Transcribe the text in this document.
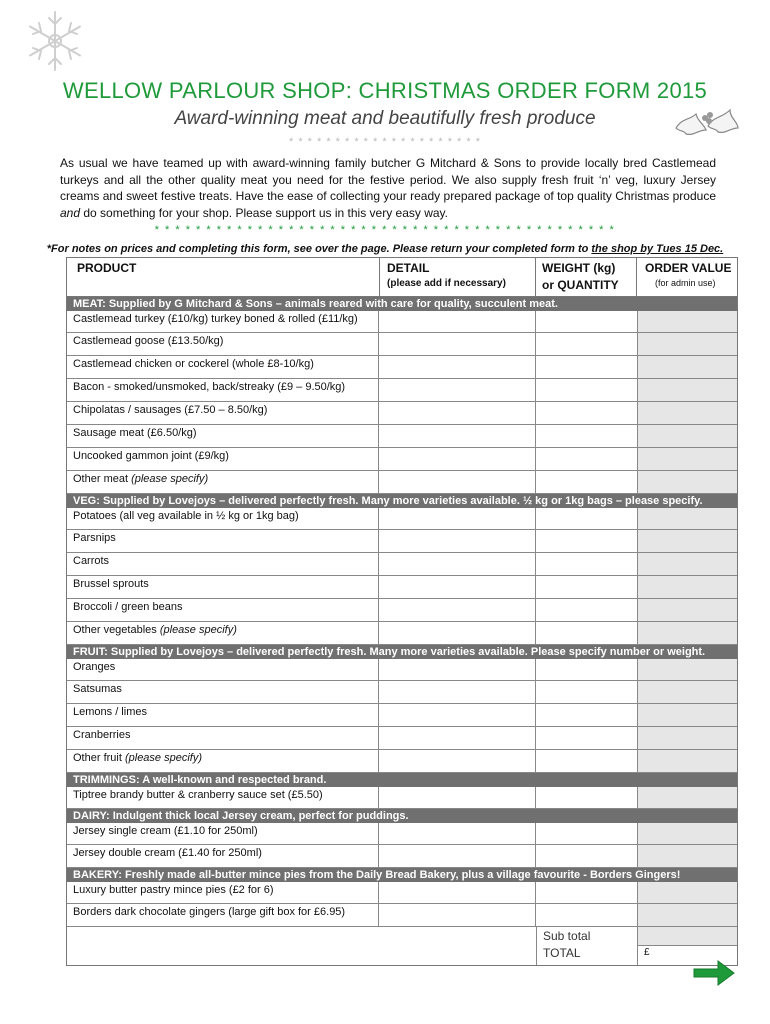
WELLOW PARLOUR SHOP: CHRISTMAS ORDER FORM 2015
Award-winning meat and beautifully fresh produce
* * * * * * * * * * * * * * * * * * * * *
As usual we have teamed up with award-winning family butcher G Mitchard & Sons to provide locally bred Castlemead turkeys and all the other quality meat you need for the festive period. We also supply fresh fruit ‘n’ veg, luxury Jersey creams and sweet festive treats. Have the ease of collecting your ready prepared package of top quality Christmas produce and do something for your shop. Please support us in this very easy way.
* * * * * * * * * * * * * * * * * * * * * * * * * * * * * * * * * * * * * * * * * * * * *
*For notes on prices and completing this form, see over the page. Please return your completed form to the shop by Tues 15 Dec.
PRODUCT	DETAIL
(please add if necessary)
WEIGHT (kg)
or QUANTITY
ORDER VALUE
(for admin use)
MEAT: Supplied by G Mitchard & Sons – animals reared with care for quality, succulent meat.
Castlemead turkey (£10/kg) turkey boned & rolled (£11/kg)
Castlemead goose (£13.50/kg)
Castlemead chicken or cockerel (whole £8-10/kg)
Bacon - smoked/unsmoked, back/streaky (£9 – 9.50/kg)
Chipolatas / sausages (£7.50 – 8.50/kg)
Sausage meat (£6.50/kg)
Uncooked gammon joint (£9/kg)
Other meat (please specify)
VEG: Supplied by Lovejoys – delivered perfectly fresh. Many more varieties available. ½ kg or 1kg bags – please specify.
Potatoes (all veg available in ½ kg or 1kg bag)
Parsnips
Carrots
Brussel sprouts
Broccoli / green beans
Other vegetables (please specify)
FRUIT: Supplied by Lovejoys – delivered perfectly fresh. Many more varieties available. Please specify number or weight.
Oranges
Satsumas
Lemons / limes
Cranberries
Other fruit (please specify)
TRIMMINGS: A well-known and respected brand.
Tiptree brandy butter & cranberry sauce set (£5.50)
DAIRY: Indulgent thick local Jersey cream, perfect for puddings.
Jersey single cream (£1.10 for 250ml)
Jersey double cream (£1.40 for 250ml)
BAKERY: Freshly made all-butter mince pies from the Daily Bread Bakery, plus a village favourite - Borders Gingers!
Luxury butter pastry mince pies (£2 for 6)
Borders dark chocolate gingers (large gift box for £6.95)
Sub total
TOTAL	£
